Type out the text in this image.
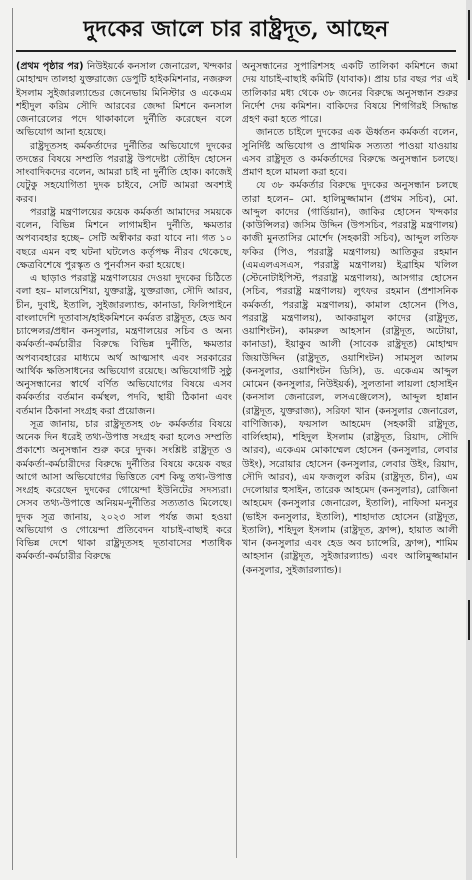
দুদকের জালে চার রাষ্ট্রদূত, আছেন

(প্রথম পৃষ্ঠার পর) নিউইয়র্কে কনসাল জেনারেল, খন্দকার মোহাম্মদ তালহা যুক্তরাজ্যে ডেপুটি হাইকমিশনার, নজরুল ইসলাম সুইজারল্যান্ডের জেনেভায় মিনিস্টার ও একেএম শহীদুল করিম সৌদি আরবের জেদ্দা মিশনে কনসাল জেনারেলের পদে থাকাকালে দুর্নীতি করেছেন বলে অভিযোগ আনা হয়েছে।

রাষ্ট্রদূতসহ কর্মকর্তাদের দুর্নীতির অভিযোগে দুদকের তদন্তের বিষয়ে সম্প্রতি পররাষ্ট্র উপদেষ্টা তৌহিদ হোসেন সাংবাদিকদের বলেন, আমরা চাই না দুর্নীতি হোক। কাজেই যেটুকু সহযোগিতা দুদক চাইবে, সেটি আমরা অবশ্যই করব।

পররাষ্ট্র মন্ত্রণালয়ের কয়েক কর্মকর্তা আমাদের সময়কে বলেন, বিভিন্ন মিশনে লাগামহীন দুর্নীতি, ক্ষমতার অপব্যবহার হচ্ছে– সেটি অস্বীকার করা যাবে না। গত ১০ বছরে এমন বহু ঘটনা ঘটলেও কর্তৃপক্ষ নীরব থেকেছে, ক্ষেত্রবিশেষে পুরস্কৃত ও পুনর্বাসন করা হয়েছে।

এ ছাড়াও পররাষ্ট্র মন্ত্রণালয়ের দেওয়া দুদকের চিঠিতে বলা হয়– মালয়েশিয়া, যুক্তরাষ্ট্র, যুক্তরাজ্য, সৌদি আরব, চীন, দুবাই, ইতালি, সুইজারল্যান্ড, কানাডা, ফিলিপাইনে বাংলাদেশি দূতাবাস/হাইকমিশনে কর্মরত রাষ্ট্রদূত, হেড অব চ্যান্সেলর/প্রধান কনসুলার, মন্ত্রণালয়ের সচিব ও অন্য কর্মকর্তা-কর্মচারীর বিরুদ্ধে বিভিন্ন দুর্নীতি, ক্ষমতার অপব্যবহারের মাধ্যমে অর্থ আত্মসাৎ এবং সরকারের আর্থিক ক্ষতিসাধনের অভিযোগ রয়েছে। অভিযোগটি সুষ্ঠু অনুসন্ধানের স্বার্থে বর্ণিত অভিযোগের বিষয়ে এসব কর্মকর্তার বর্তমান কর্মস্থল, পদবি, স্থায়ী ঠিকানা এবং বর্তমান ঠিকানা সংগ্রহ করা প্রয়োজন।

সূত্র জানায়, চার রাষ্ট্রদূতসহ ৩৮ কর্মকর্তার বিষয়ে অনেক দিন ধরেই তথ্য-উপাত্ত সংগ্রহ করা হলেও সম্প্রতি প্রকাশ্যে অনুসন্ধান শুরু করে দুদক। সংশ্লিষ্ট রাষ্ট্রদূত ও কর্মকর্তা-কর্মচারীদের বিরুদ্ধে দুর্নীতির বিষয়ে কয়েক বছর আগে আসা অভিযোগের ভিত্তিতে বেশ কিছু তথ্য-উপাত্ত সংগ্রহ করেছেন দুদকের গোয়েন্দা ইউনিটের সদস্যরা। সেসব তথ্য-উপাত্তে অনিয়ম-দুর্নীতির সত্যতাও মিলেছে। দুদক সূত্র জানায়, ২০২৩ সাল পর্যন্ত জমা হওয়া অভিযোগ ও গোয়েন্দা প্রতিবেদন যাচাই-বাছাই করে বিভিন্ন দেশে থাকা রাষ্ট্রদূতসহ দূতাবাসের শতাধিক কর্মকর্তা-কর্মচারীর বিরুদ্ধে

অনুসন্ধানের সুপারিশসহ একটি তালিকা কমিশনে জমা দেয় যাচাই-বাছাই কমিটি (যাবাক)। প্রায় চার বছর পর এই তালিকার মধ্য থেকে ৩৮ জনের বিরুদ্ধে অনুসন্ধান শুরুর নির্দেশ দেয় কমিশন। বাকিদের বিষয়ে শিগগিরই সিদ্ধান্ত গ্রহণ করা হতে পারে।

জানতে চাইলে দুদকের এক ঊর্ধ্বতন কর্মকর্তা বলেন, সুনির্দিষ্ট অভিযোগ ও প্রাথমিক সত্যতা পাওয়া যাওয়ায় এসব রাষ্ট্রদূত ও কর্মকর্তাদের বিরুদ্ধে অনুসন্ধান চলছে। প্রমাণ হলে মামলা করা হবে।

যে ৩৮ কর্মকর্তার বিরুদ্ধে দুদকের অনুসন্ধান চলছে তারা হলেন– মো. হালিমুজ্জামান (প্রথম সচিব), মো. আব্দুল কাদের (গার্ডিয়ান), জাকির হোসেন খন্দকার (কাউন্সিলর) জসিম উদ্দিন (উপসচিব, পররাষ্ট্র মন্ত্রণালয়) কাজী মুনতাসির মোর্শেদ (সহকারী সচিব), আব্দুল লতিফ ফকির (পিও, পররাষ্ট্র মন্ত্রণালয়) আতিকুর রহমান (এমএলএসএস, পররাষ্ট্র মন্ত্রণালয়) ইব্রাহিম খলিল (স্টেনোটাইপিস্ট, পররাষ্ট্র মন্ত্রণালয়), আসগার হোসেন (সচিব, পররাষ্ট্র মন্ত্রণালয়) লুৎফর রহমান (প্রশাসনিক কর্মকর্তা, পররাষ্ট্র মন্ত্রণালয়), কামাল হোসেন (পিও, পররাষ্ট্র মন্ত্রণালয়), আকরামুল কাদের (রাষ্ট্রদূত, ওয়াশিংটন), কামরুল আহসান (রাষ্ট্রদূত, অটোয়া, কানাডা), ইয়াকুব আলী (সাবেক রাষ্ট্রদূত) মোহাম্মদ জিয়াউদ্দিন (রাষ্ট্রদূত, ওয়াশিংটন) সামসুল আলম (কনসুলার, ওয়াশিংটন ডিসি), ড. একেএম আব্দুল মোমেন (কনসুলার, নিউইয়র্ক), সুলতানা লায়লা হোসাইন (কনসাল জেনারেল, লসএঞ্জেলেস), আব্দুল হান্নান (রাষ্ট্রদূত, যুক্তরাজ্য), সরিফা খান (কনসুলার জেনারেল, বাণিজ্যিক), ফয়সাল আহমেদ (সহকারী রাষ্ট্রদূত, বার্লিংহাম), শহিদুল ইসলাম (রাষ্ট্রদূত, রিয়াদ, সৌদি আরব), একেএম মোকাম্মেল হোসেন (কনসুলার, লেবার উইং), সরোয়ার হোসেন (কনসুলার, লেবার উইং, রিয়াদ, সৌদি আরব), এম ফজলুল করিম (রাষ্ট্রদূত, চীন), এম দেলোয়ার হুসাইন, তারেক আহমেদ (কনসুলার), রোজিনা আহমেদ (কনসুলার জেনারেল, ইতালি), নাফিসা মনসুর (ভাইস কনসুলার, ইতালি), শাহাদাত হোসেন (রাষ্ট্রদূত, ইতালি), শহিদুল ইসলাম (রাষ্ট্রদূত, ফ্রান্স), হায়াত আলী খান (কনসুলার এবং হেড অব চ্যান্সেরি, ফ্রান্স), শামিম আহসান (রাষ্ট্রদূত, সুইজারল্যান্ড) এবং আলিমুজ্জামান (কনসুলার, সুইজারল্যান্ড)।
